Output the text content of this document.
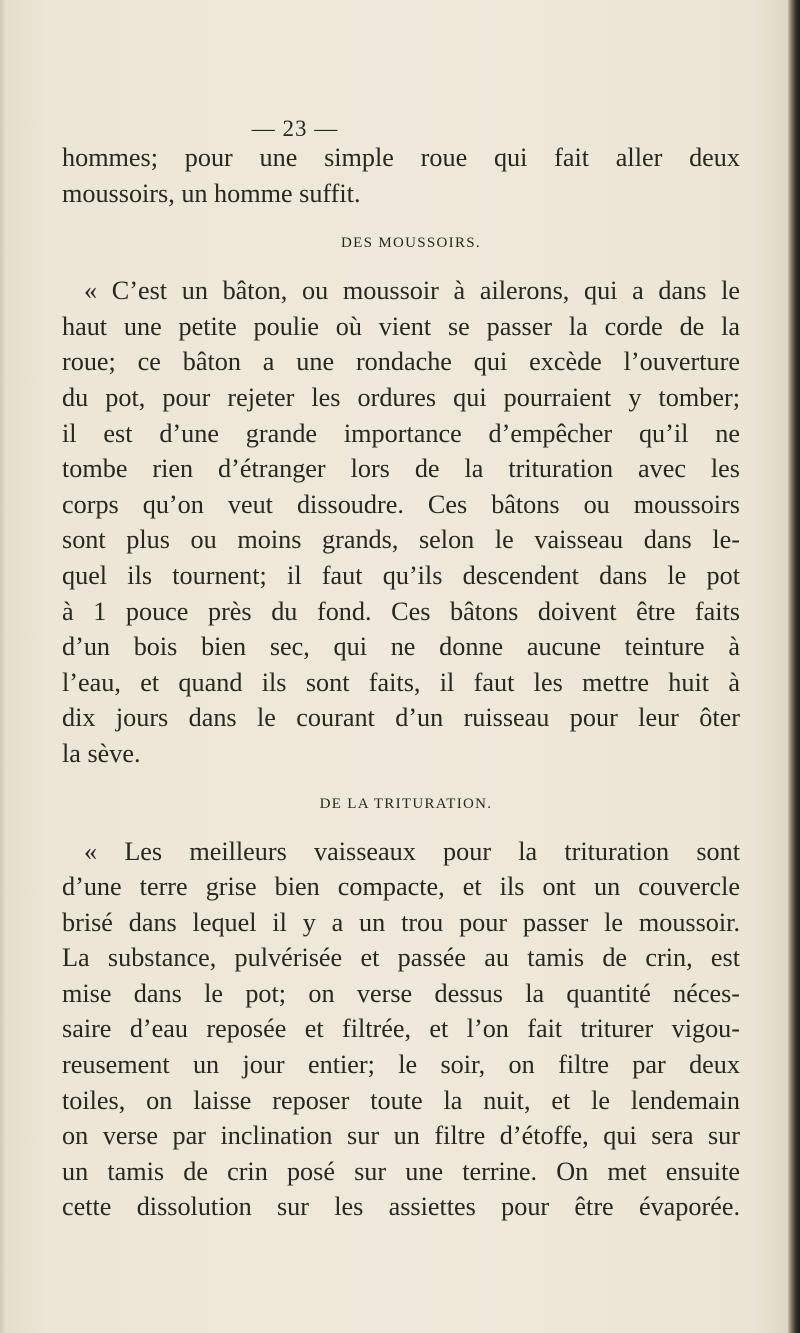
— 23 —
hommes; pour une simple roue qui fait aller deux
moussoirs, un homme suffit.
DES MOUSSOIRS.
« C’est un bâton, ou moussoir à ailerons, qui a dans le
haut une petite poulie où vient se passer la corde de la
roue; ce bâton a une rondache qui excède l’ouverture
du pot, pour rejeter les ordures qui pourraient y tomber;
il est d’une grande importance d’empêcher qu’il ne
tombe rien d’étranger lors de la trituration avec les
corps qu’on veut dissoudre. Ces bâtons ou moussoirs
sont plus ou moins grands, selon le vaisseau dans le-
quel ils tournent; il faut qu’ils descendent dans le pot
à 1 pouce près du fond. Ces bâtons doivent être faits
d’un bois bien sec, qui ne donne aucune teinture à
l’eau, et quand ils sont faits, il faut les mettre huit à
dix jours dans le courant d’un ruisseau pour leur ôter
la sève.
DE LA TRITURATION.
« Les meilleurs vaisseaux pour la trituration sont
d’une terre grise bien compacte, et ils ont un couvercle
brisé dans lequel il y a un trou pour passer le moussoir.
La substance, pulvérisée et passée au tamis de crin, est
mise dans le pot; on verse dessus la quantité néces-
saire d’eau reposée et filtrée, et l’on fait triturer vigou-
reusement un jour entier; le soir, on filtre par deux
toiles, on laisse reposer toute la nuit, et le lendemain
on verse par inclination sur un filtre d’étoffe, qui sera sur
un tamis de crin posé sur une terrine. On met ensuite
cette dissolution sur les assiettes pour être évaporée.
